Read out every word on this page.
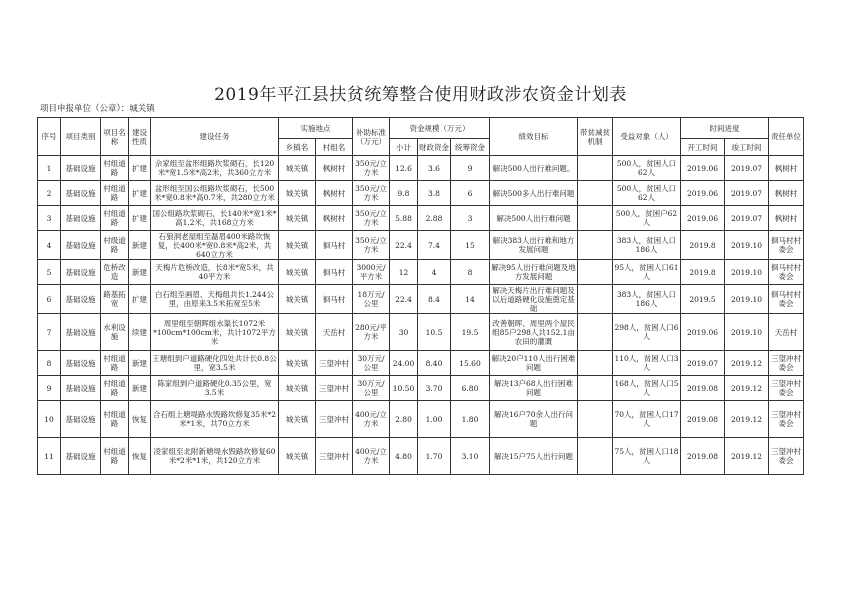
2019年平江县扶贫统筹整合使用财政涉农资金计划表
项目申报单位（公章）：城关镇
序号	项目类别	项目名称	建设性质	建设任务	实施地点		补助标准（万元）	资金规模（万元）			绩效目标	带贫减贫机制	受益对象（人）	时间进度		责任单位
					乡镇名	村组名		小计	财政资金	统筹资金				开工时间	竣工时间	
1	基础设施	村组道路	扩建	佘家组至盆形组路坎浆砌石，长120米*宽1.5米*高2米，共360立方米	城关镇	枫树村	350元/立方米	12.6	3.6	9	解决500人出行难问题。		500人，贫困人口62人	2019.06	2019.07	枫树村
2	基础设施	村组道路	扩建	盆形组至国公组路坎浆砌石，长500米*宽0.8米*高0.7米，共280立方米	城关镇	枫树村	350元/立方米	9.8	3.8	6	解决500多人出行难问题		500人，贫困人口62人	2019.06	2019.07	枫树村
3	基础设施	村组道路	扩建	国公组路坎浆砌石，长140米*宽1米*高1.2米，共168立方米	城关镇	枫树村	350元/立方米	5.88	2.88	3	解决500人出行难问题		500人，贫困户62人	2019.06	2019.07	枫树村
4	基础设施	村级道路	新建	石狼洞老屋组至磊眉400米路坎恢复，长400米*宽0.8米*高2米，共640立方米	城关镇	徊马村	350元/立方米	22.4	7.4	15	解决383人出行难和地方发展问题		383人，贫困人口186人	2019.8	2019.10	徊马村村委会
5	基础设施	危桥改造	新建	天梅片危桥改造，长8米*宽5米，共40平方米	城关镇	徊马村	3000元/平方米	12	4	8	解决95人出行难问题及地方发展问题		95人，贫困人口61人	2019.8	2019.10	徊马村村委会
6	基础设施	路基拓宽	扩建	白石组至画眉、天梅组共长1.244公里，由原来3.5米拓宽至5米	城关镇	徊马村	18万元/公里	22.4	8.4	14	解决天梅片出行难问题及以后道路硬化设施奠定基础		383人，贫困人口186人	2019.5	2019.10	徊马村村委会
7	基础设施	水利设施	续建	周里组至朝晖组水渠长1072米*100cm*100cm米，共计1072平方米	城关镇	天岳村	280元/平方米	30	10.5	19.5	改善朝晖、周里两个屋民组85户298人共152.1亩农田的灌溉		298人，贫困人口6人	2019.06	2019.10	天岳村
8	基础设施	村组道路	新建	王塘组到户道路硬化四处共计长0.8公里，宽3.5米	城关镇	三望冲村	30万元/公里	24.00	8.40	15.60	解决20户110人出行困难问题		110人，贫困人口3人	2019.07	2019.12	三望冲村委会
9	基础设施	村组道路	新建	陈家组到户道路硬化0.35公里，宽3.5米	城关镇	三望冲村	30万元/公里	10.50	3.70	6.80	解决13户68人出行困难问题		168人，贫困人口5人	2019.08	2019.12	三望冲村委会
10	基础设施	村组道路	恢复	合石组上塘堤路水毁路坎修复35米*2米*1米，共70立方米	城关镇	三望冲村	400元/立方米	2.80	1.00	1.80	解决16户70余人出行问题		70人，贫困人口17人	2019.08	2019.12	三望冲村委会
11	基础设施	村组道路	恢复	凌家组至北附新塘堤水毁路坎修复60米*2米*1米，共120立方米	城关镇	三望冲村	400元/立方米	4.80	1.70	3.10	解决15户75人出行问题		75人，贫困人口18人	2019.08	2019.12	三望冲村委会
